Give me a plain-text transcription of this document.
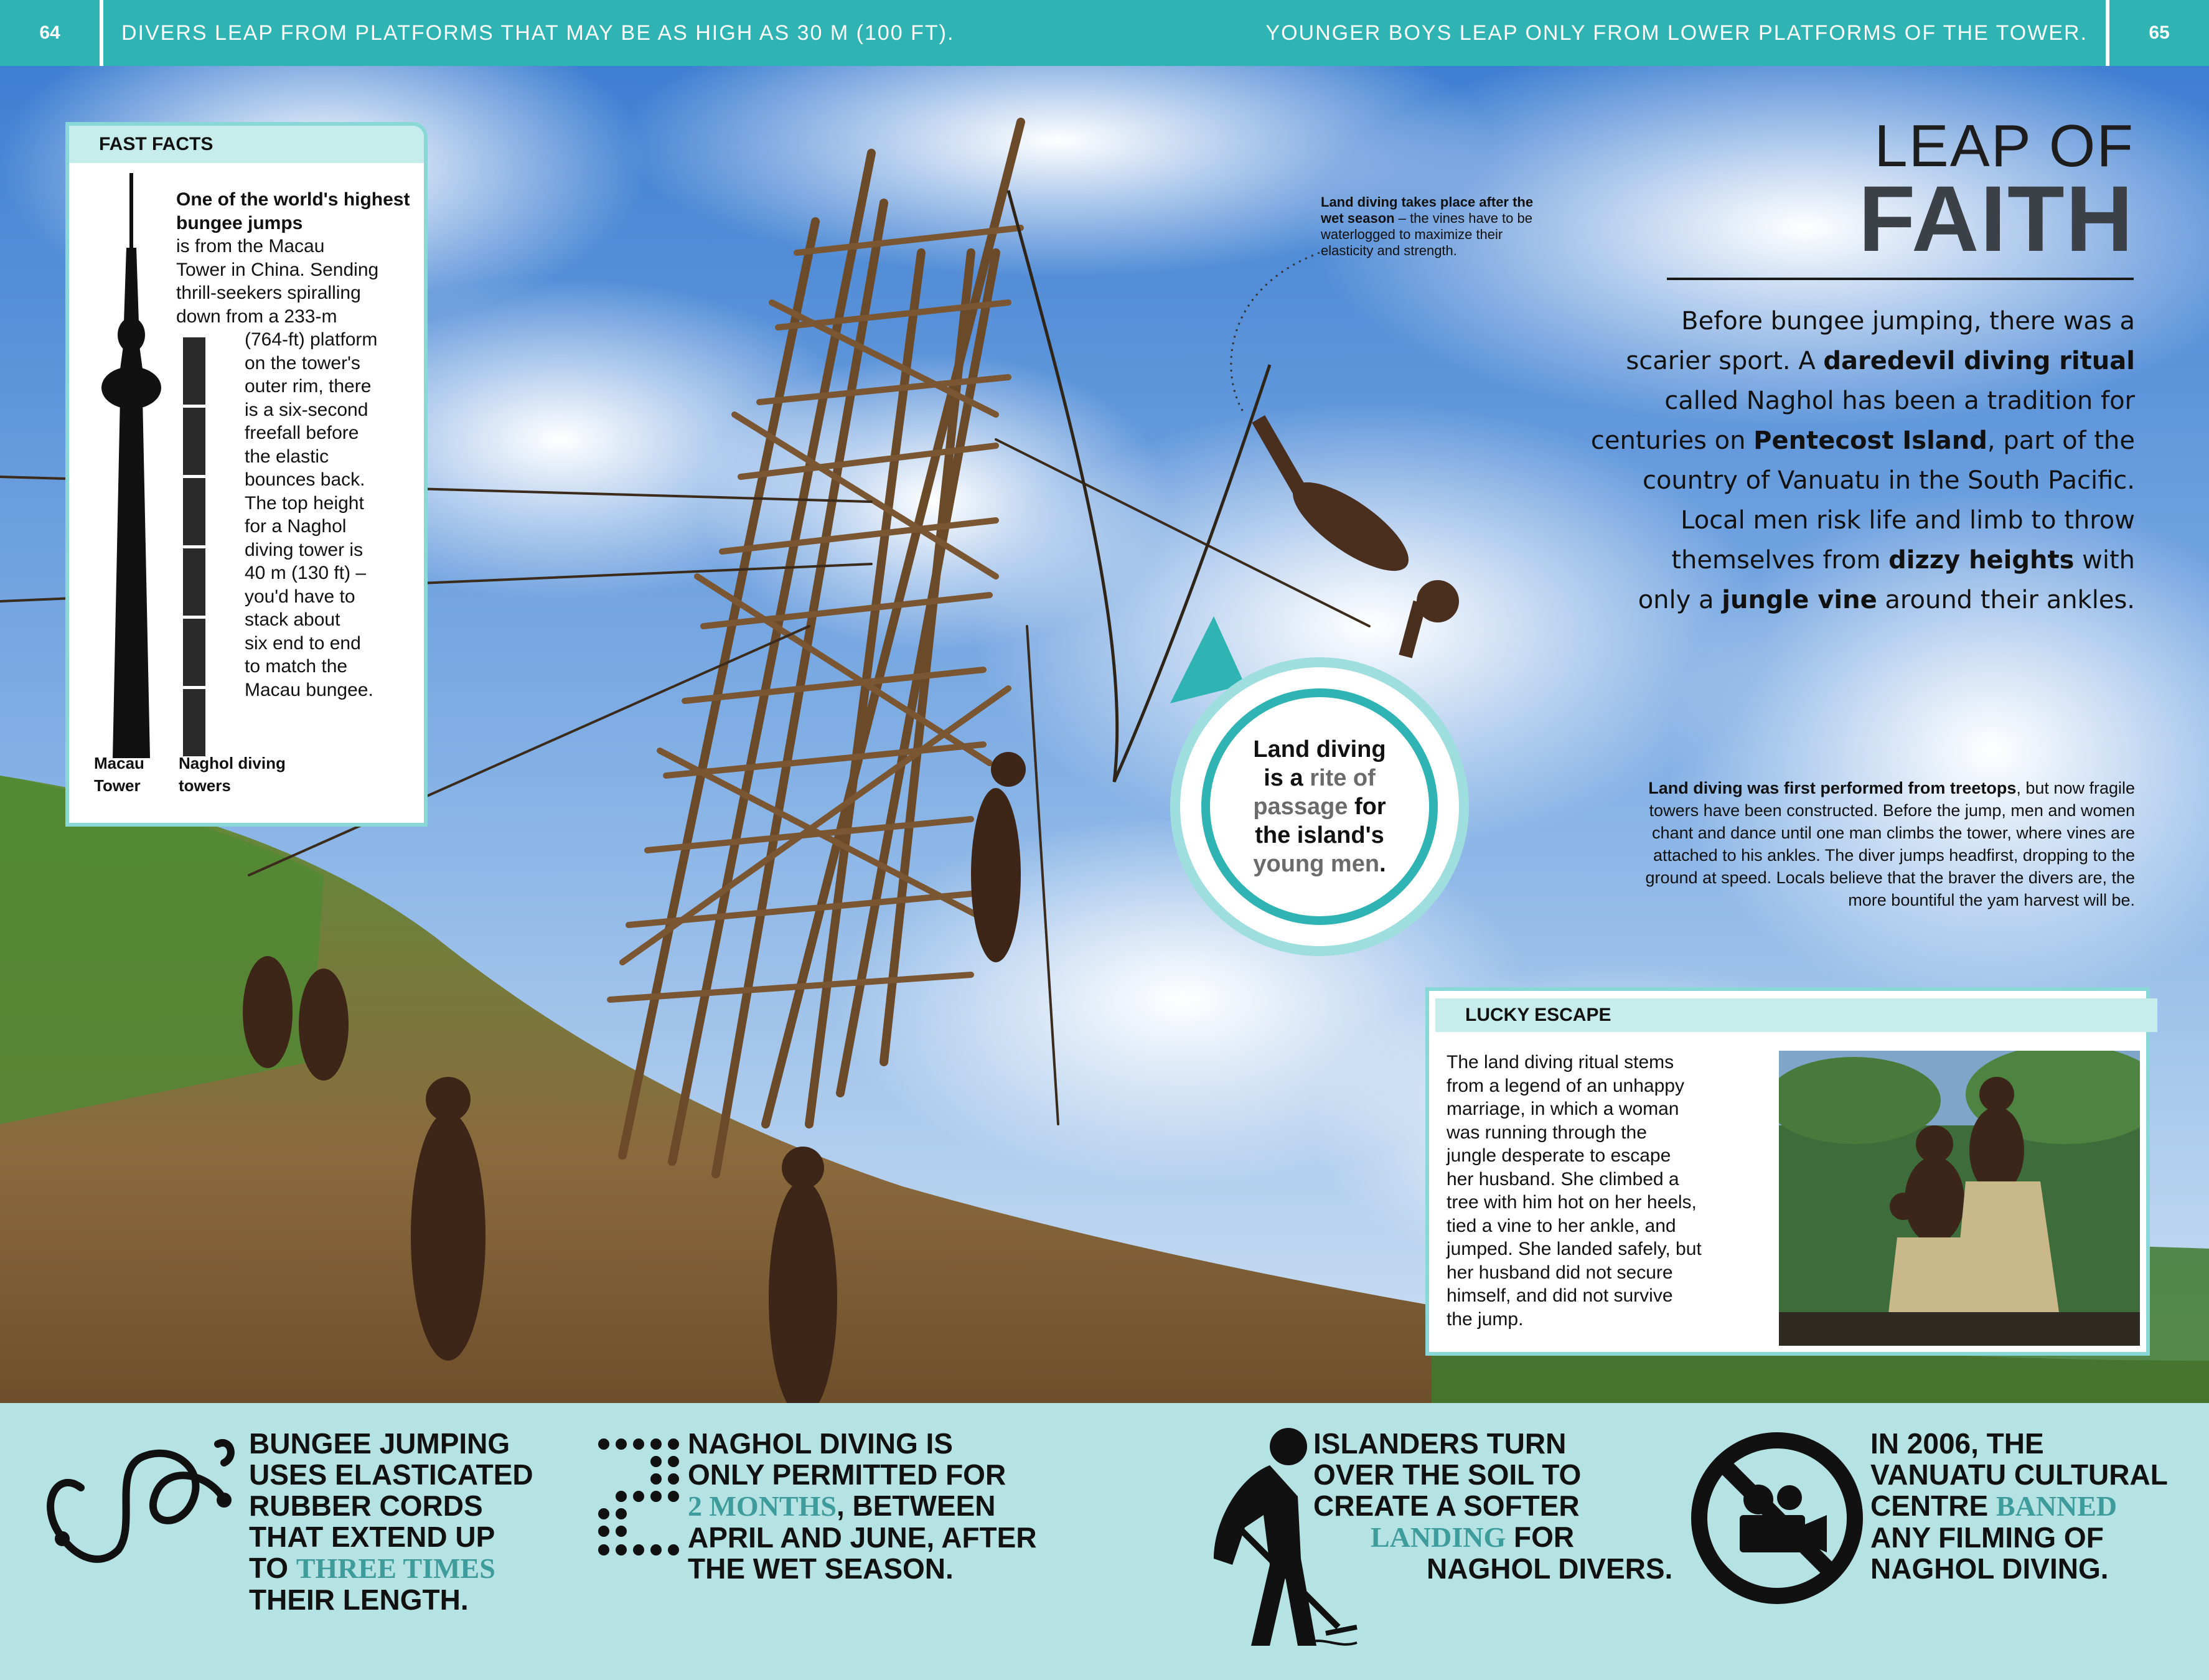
64	DIVERS LEAP FROM PLATFORMS THAT MAY BE AS HIGH AS 30 M (100 FT).	YOUNGER BOYS LEAP ONLY FROM LOWER PLATFORMS OF THE TOWER.	65
FAST FACTS
One of the world's highest bungee jumps
is from the Macau
Tower in China. Sending
thrill-seekers spiralling
down from a 233-m
(764-ft) platform
on the tower's
outer rim, there
is a six-second
freefall before
the elastic
bounces back.
The top height
for a Naghol
diving tower is
40 m (130 ft) –
you'd have to
stack about
six end to end
to match the
Macau bungee.
Macau
Tower
Naghol diving
towers
Land diving takes place after the wet season – the vines have to be waterlogged to maximize their elasticity and strength.
LEAP OF
FAITH
Before bungee jumping, there was a
scarier sport. A daredevil diving ritual
called Naghol has been a tradition for
centuries on Pentecost Island, part of the
country of Vanuatu in the South Pacific.
Local men risk life and limb to throw
themselves from dizzy heights with
only a jungle vine around their ankles.
Land diving
is a rite of
passage for
the island's
young men.
Land diving was first performed from treetops, but now fragile towers have been constructed. Before the jump, men and women chant and dance until one man climbs the tower, where vines are attached to his ankles. The diver jumps headfirst, dropping to the ground at speed. Locals believe that the braver the divers are, the more bountiful the yam harvest will be.
LUCKY ESCAPE
The land diving ritual stems
from a legend of an unhappy
marriage, in which a woman
was running through the
jungle desperate to escape
her husband. She climbed a
tree with him hot on her heels,
tied a vine to her ankle, and
jumped. She landed safely, but
her husband did not secure
himself, and did not survive
the jump.
BUNGEE JUMPING
USES ELASTICATED
RUBBER CORDS
THAT EXTEND UP
TO THREE TIMES
THEIR LENGTH.
NAGHOL DIVING IS
ONLY PERMITTED FOR
2 MONTHS, BETWEEN
APRIL AND JUNE, AFTER
THE WET SEASON.
ISLANDERS TURN
OVER THE SOIL TO
CREATE A SOFTER
LANDING FOR
NAGHOL DIVERS.
IN 2006, THE
VANUATU CULTURAL
CENTRE BANNED
ANY FILMING OF
NAGHOL DIVING.
